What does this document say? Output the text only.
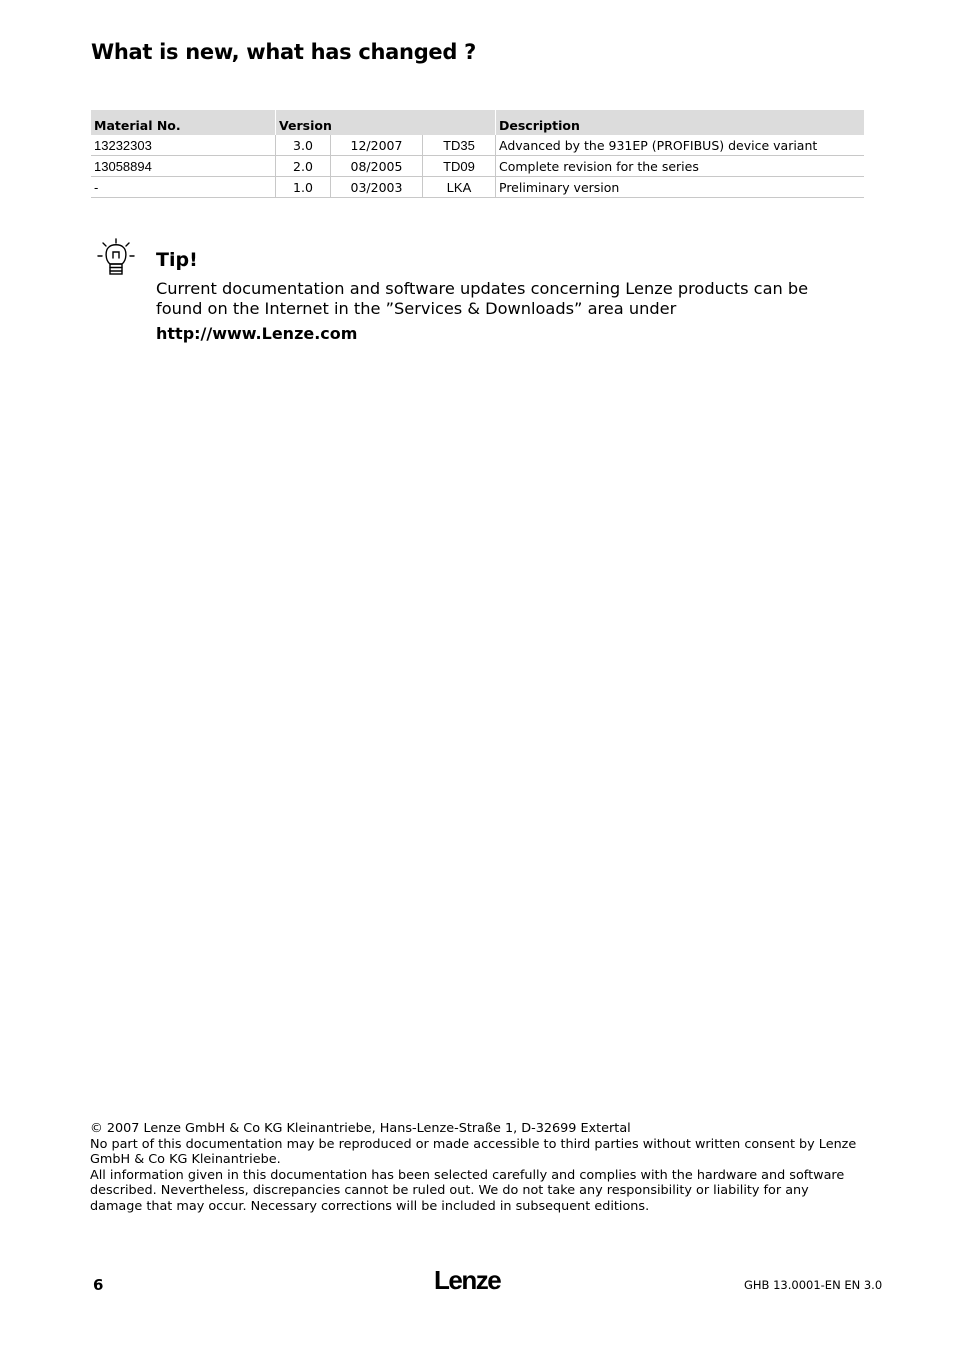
What is new, what has changed ?
Material No.	Version			Description
13232303	3.0	12/2007	TD35	Advanced by the 931EP (PROFIBUS) device variant
13058894	2.0	08/2005	TD09	Complete revision for the series
-	1.0	03/2003	LKA	Preliminary version
Tip!
Current documentation and software updates concerning Lenze products can be found on the Internet in the ”Services & Downloads” area under
http://www.Lenze.com
© 2007 Lenze GmbH & Co KG Kleinantriebe, Hans-Lenze-Straße 1, D-32699 Extertal
No part of this documentation may be reproduced or made accessible to third parties without written consent by Lenze GmbH & Co KG Kleinantriebe.
All information given in this documentation has been selected carefully and complies with the hardware and software described. Nevertheless, discrepancies cannot be ruled out. We do not take any responsibility or liability for any damage that may occur. Necessary corrections will be included in subsequent editions.
6	Lenze	GHB 13.0001-EN EN 3.0
